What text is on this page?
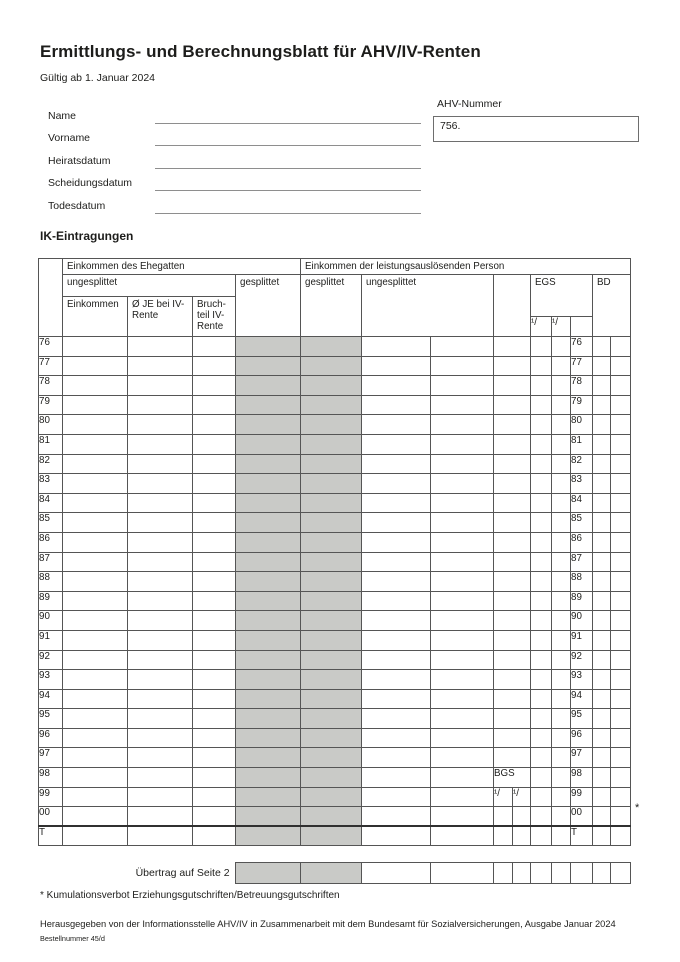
Ermittlungs- und Berechnungsblatt für AHV/IV-Renten
Gültig ab 1. Januar 2024
Name
Vorname
Heiratsdatum
Scheidungsdatum
Todesdatum
AHV-Nummer
756.
IK-Eintragungen
	Einkommen des Ehegatten				Einkommen der leistungsauslösenden Person									
	ungesplittet			gesplittet	gesplittet	ungesplittet				EGS			BD	
	Einkommen	Ø JE bei IV-Rente	Bruch-teil IV-Rente											
										¹/	¹/			
76												76		
77												77		
78												78		
79												79		
80												80		
81												81		
82												82		
83												83		
84												84		
85												85		
86												86		
87												87		
88												88		
89												89		
90												90		
91												91		
92												92		
93												93		
94												94		
95												95		
96												96		
97												97		
98								BGS				98		
99								¹/	¹/			99		
00												00		
T												T		
*
Übertrag auf Seite 2											
* Kumulationsverbot Erziehungsgutschriften/Betreuungsgutschriften
Herausgegeben von der Informationsstelle AHV/IV in Zusammenarbeit mit dem Bundesamt für Sozialversicherungen, Ausgabe Januar 2024
Bestellnummer 45/d
